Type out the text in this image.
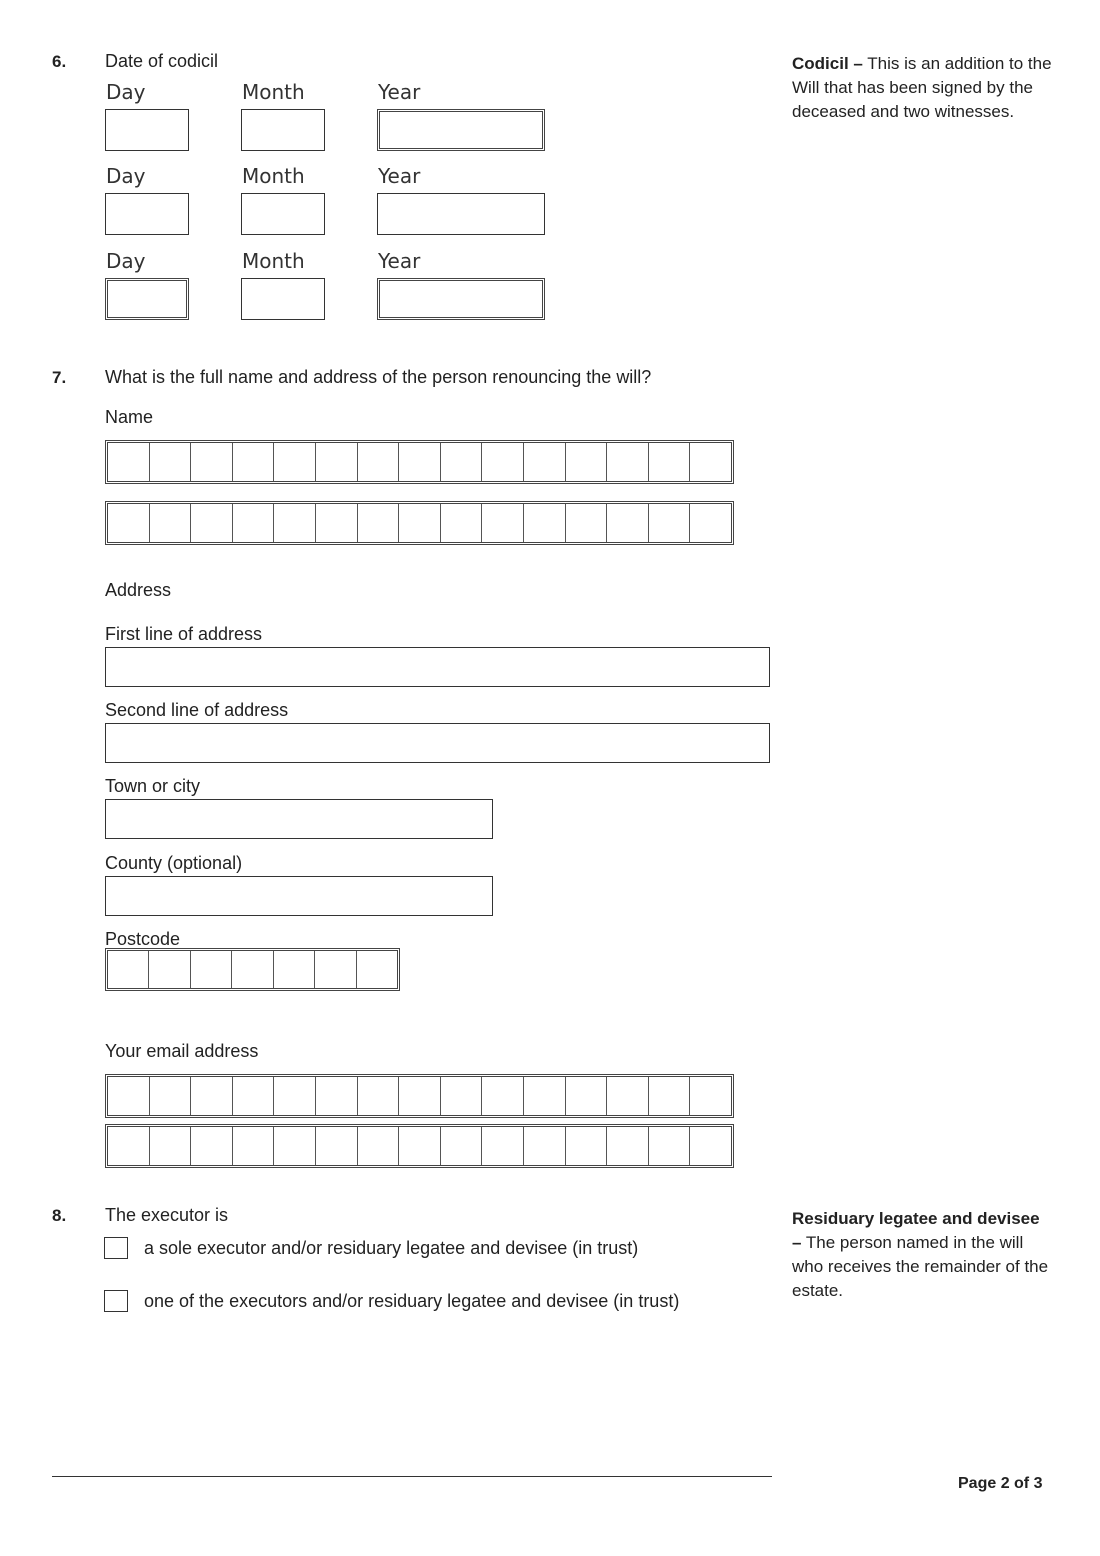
6. Date of codicil
Day	Month	Year
Day	Month	Year
Day	Month	Year
Codicil – This is an addition to the Will that has been signed by the deceased and two witnesses.
7. What is the full name and address of the person renouncing the will?
Name
Address
First line of address
Second line of address
Town or city
County (optional)
Postcode
Your email address
8. The executor is
a sole executor and/or residuary legatee and devisee (in trust)
one of the executors and/or residuary legatee and devisee (in trust)
Residuary legatee and devisee – The person named in the will who receives the remainder of the estate.
Page 2 of 3
